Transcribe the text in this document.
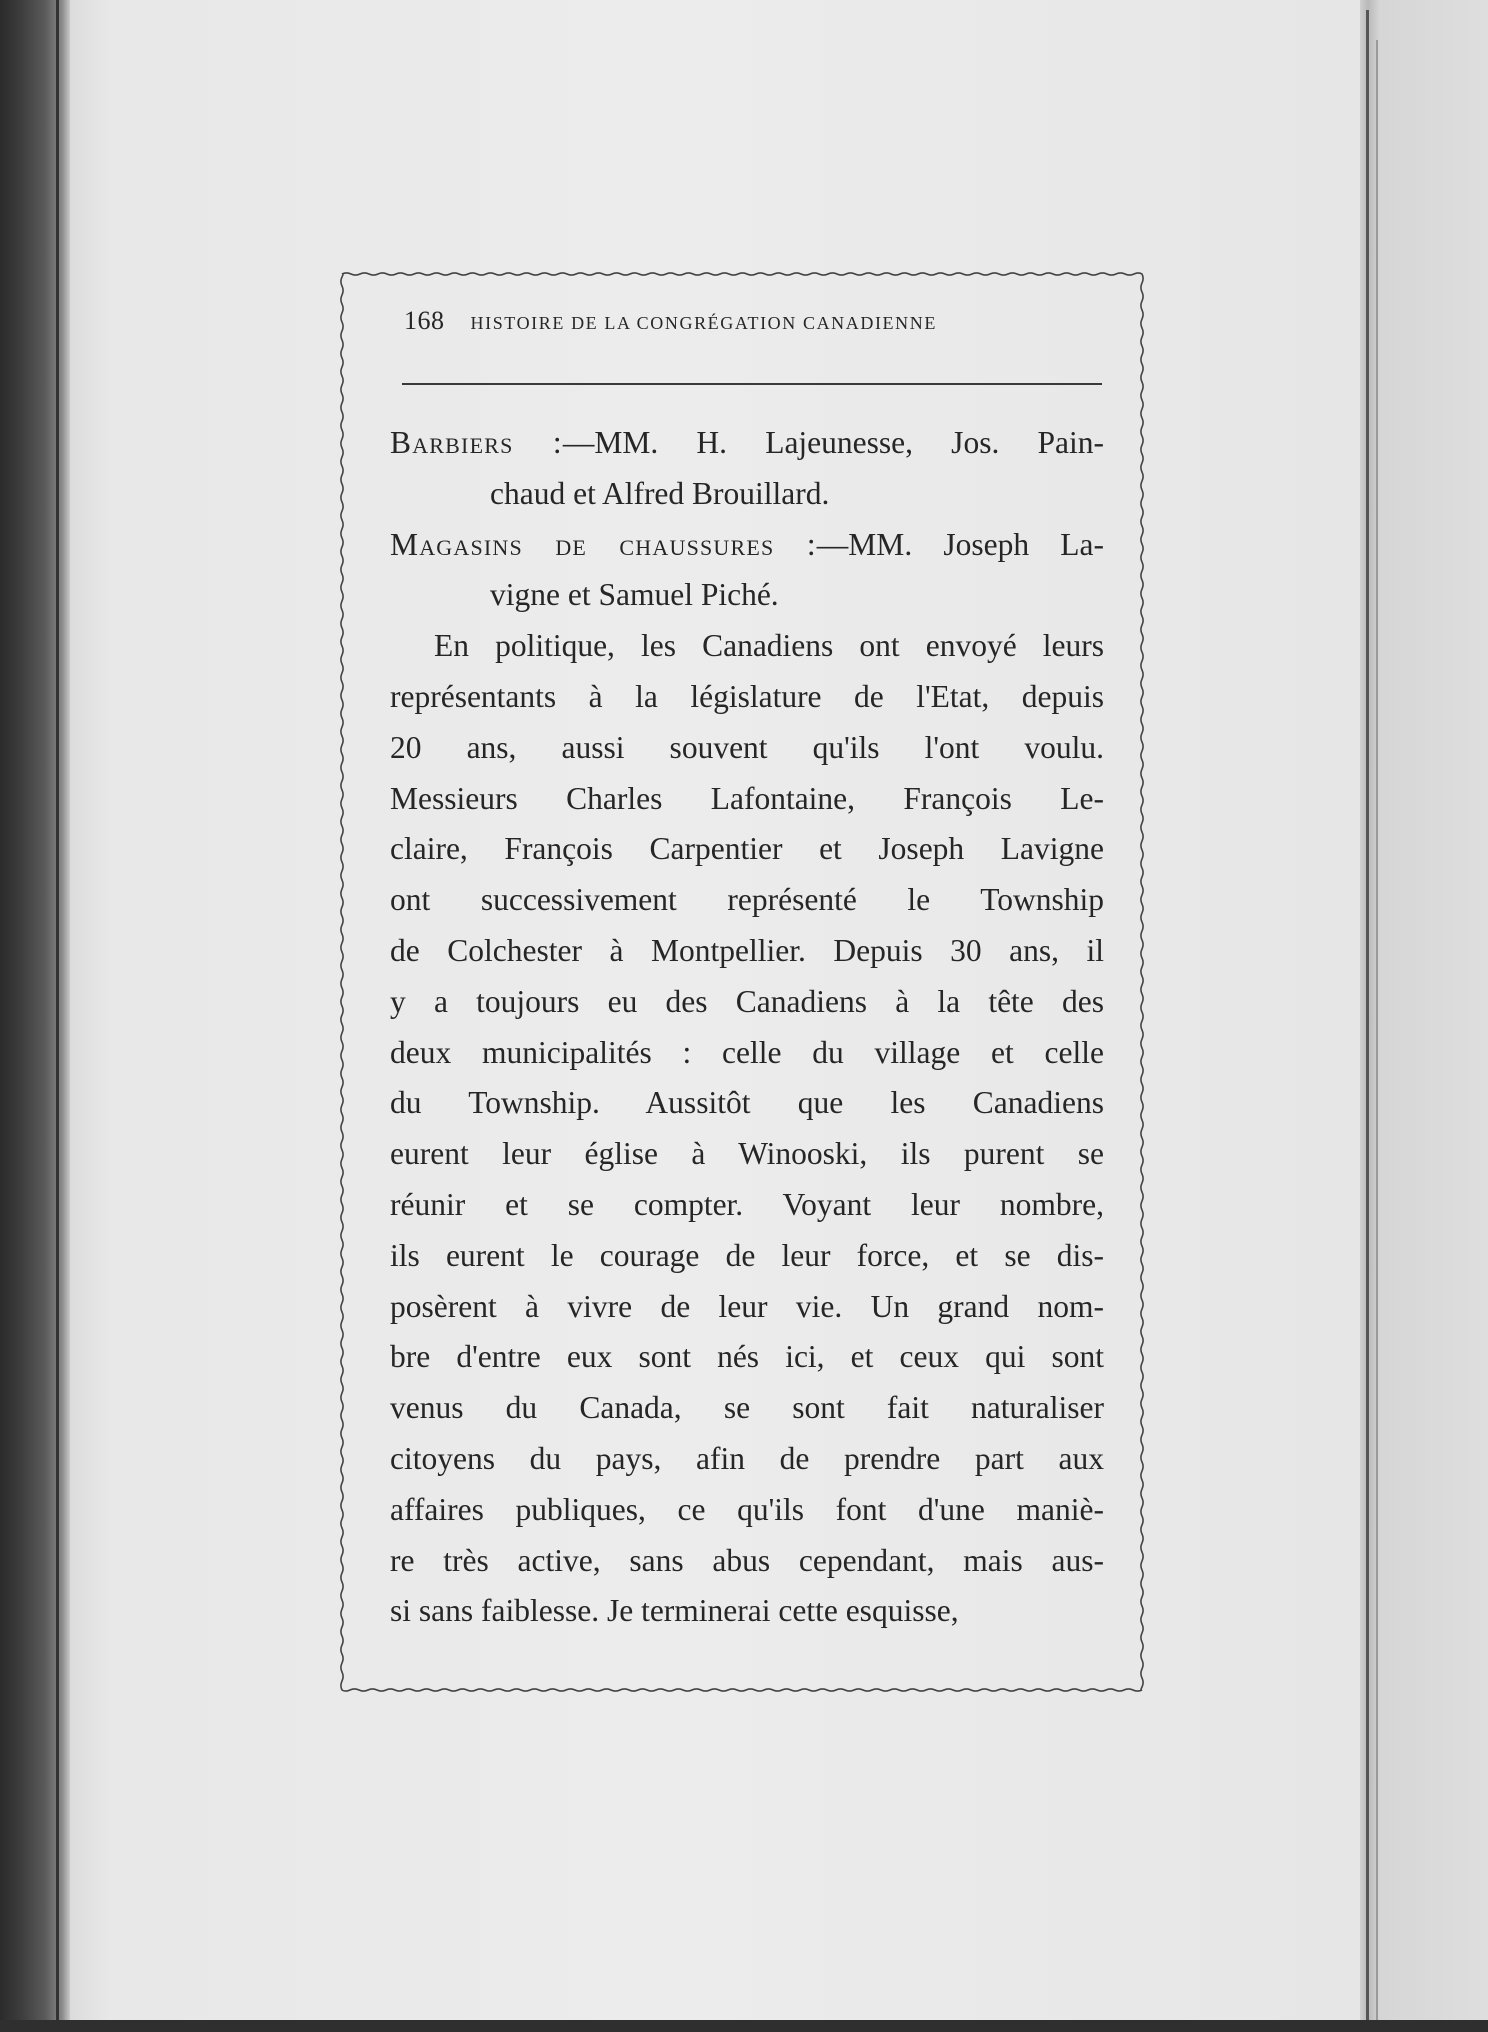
168 HISTOIRE DE LA CONGRÉGATION CANADIENNE
Barbiers :—MM. H. Lajeunesse, Jos. Pain-
chaud et Alfred Brouillard.
Magasins de chaussures :—MM. Joseph La-
vigne et Samuel Piché.
En politique, les Canadiens ont envoyé leurs
représentants à la législature de l'Etat, depuis
20 ans, aussi souvent qu'ils l'ont voulu.
Messieurs Charles Lafontaine, François Le-
claire, François Carpentier et Joseph Lavigne
ont successivement représenté le Township
de Colchester à Montpellier. Depuis 30 ans, il
y a toujours eu des Canadiens à la tête des
deux municipalités : celle du village et celle
du Township. Aussitôt que les Canadiens
eurent leur église à Winooski, ils purent se
réunir et se compter. Voyant leur nombre,
ils eurent le courage de leur force, et se dis-
posèrent à vivre de leur vie. Un grand nom-
bre d'entre eux sont nés ici, et ceux qui sont
venus du Canada, se sont fait naturaliser
citoyens du pays, afin de prendre part aux
affaires publiques, ce qu'ils font d'une maniè-
re très active, sans abus cependant, mais aus-
si sans faiblesse. Je terminerai cette esquisse,
